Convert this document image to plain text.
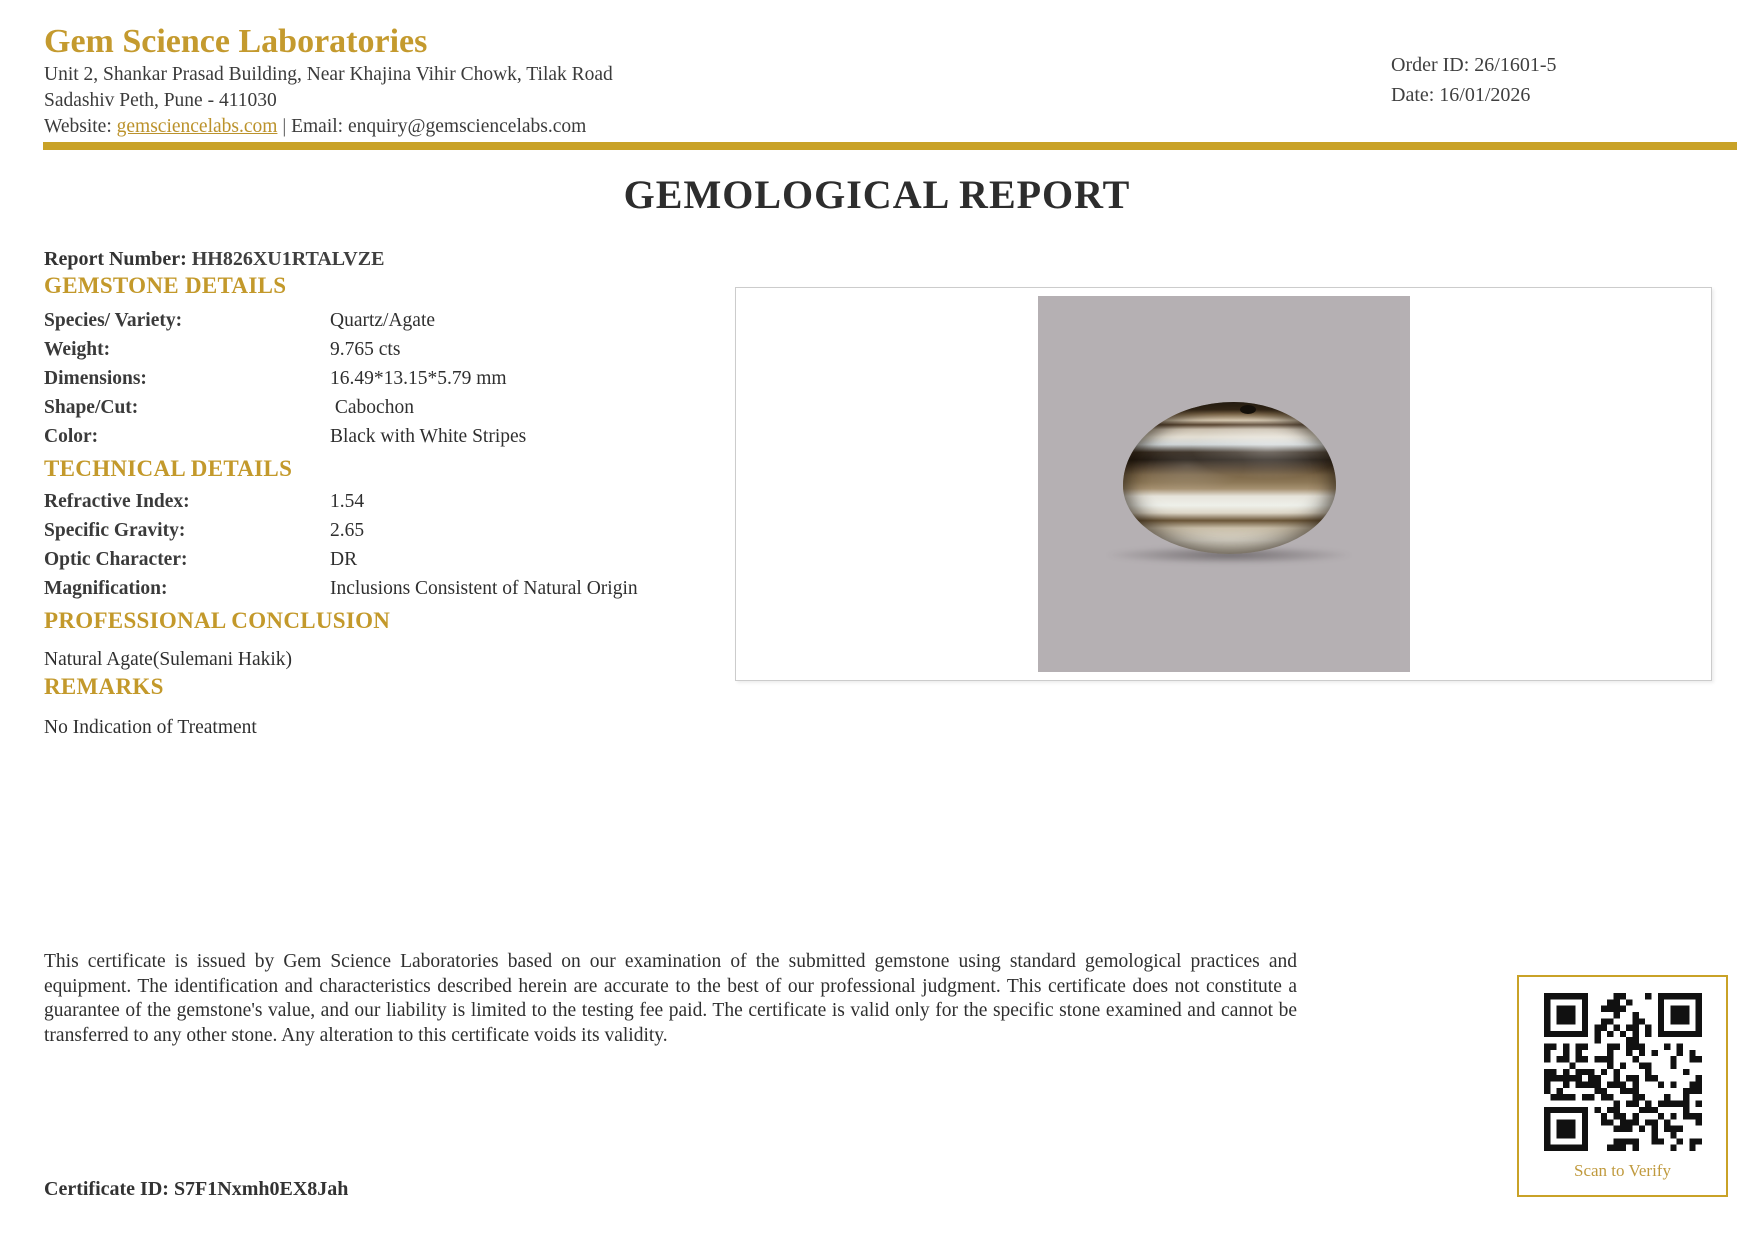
Gem Science Laboratories
Unit 2, Shankar Prasad Building, Near Khajina Vihir Chowk, Tilak Road
Sadashiv Peth, Pune - 411030
Website: gemsciencelabs.com | Email: enquiry@gemsciencelabs.com
Order ID: 26/1601-5
Date: 16/01/2026
GEMOLOGICAL REPORT
Report Number: HH826XU1RTALVZE
GEMSTONE DETAILS
Species/ Variety:	Quartz/Agate
Weight:	9.765 cts
Dimensions:	16.49*13.15*5.79 mm
Shape/Cut:	Cabochon
Color:	Black with White Stripes
TECHNICAL DETAILS
Refractive Index:	1.54
Specific Gravity:	2.65
Optic Character:	DR
Magnification:	Inclusions Consistent of Natural Origin
PROFESSIONAL CONCLUSION

Natural Agate(Sulemani Hakik)

REMARKS

No Indication of Treatment

This certificate is issued by Gem Science Laboratories based on our examination of the submitted gemstone using standard gemological practices and equipment. The identification and characteristics described herein are accurate to the best of our professional judgment. This certificate does not constitute a guarantee of the gemstone's value, and our liability is limited to the testing fee paid. The certificate is valid only for the specific stone examined and cannot be transferred to any other stone. Any alteration to this certificate voids its validity.
Certificate ID: S7F1Nxmh0EX8Jah
Scan to Verify
